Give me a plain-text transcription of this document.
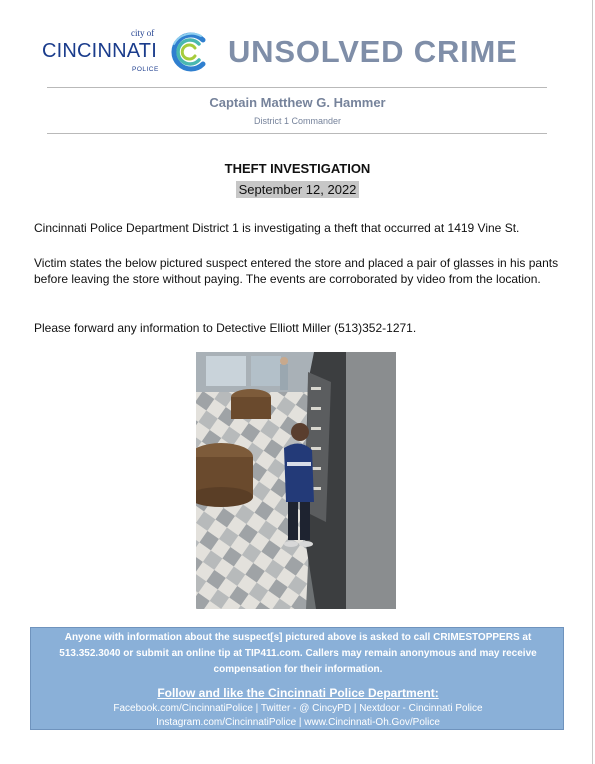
city of
CINCINNATI
POLICE
UNSOLVED CRIME
Captain Matthew G. Hammer
District 1 Commander
THEFT INVESTIGATION
September 12, 2022

Cincinnati Police Department District 1 is investigating a theft that occurred at 1419 Vine St.

Victim states the below pictured suspect entered the store and placed a pair of glasses in his pants before leaving the store without paying. The events are corroborated by video from the location.

Please forward any information to Detective Elliott Miller (513)352-1271.

Anyone with information about the suspect[s] pictured above is asked to call CRIMESTOPPERS at 513.352.3040 or submit an online tip at TIP411.com. Callers may remain anonymous and may receive compensation for their information.
Follow and like the Cincinnati Police Department:
Facebook.com/CincinnatiPolice | Twitter - @ CincyPD | Nextdoor - Cincinnati Police
Instagram.com/CincinnatiPolice | www.Cincinnati-Oh.Gov/Police
